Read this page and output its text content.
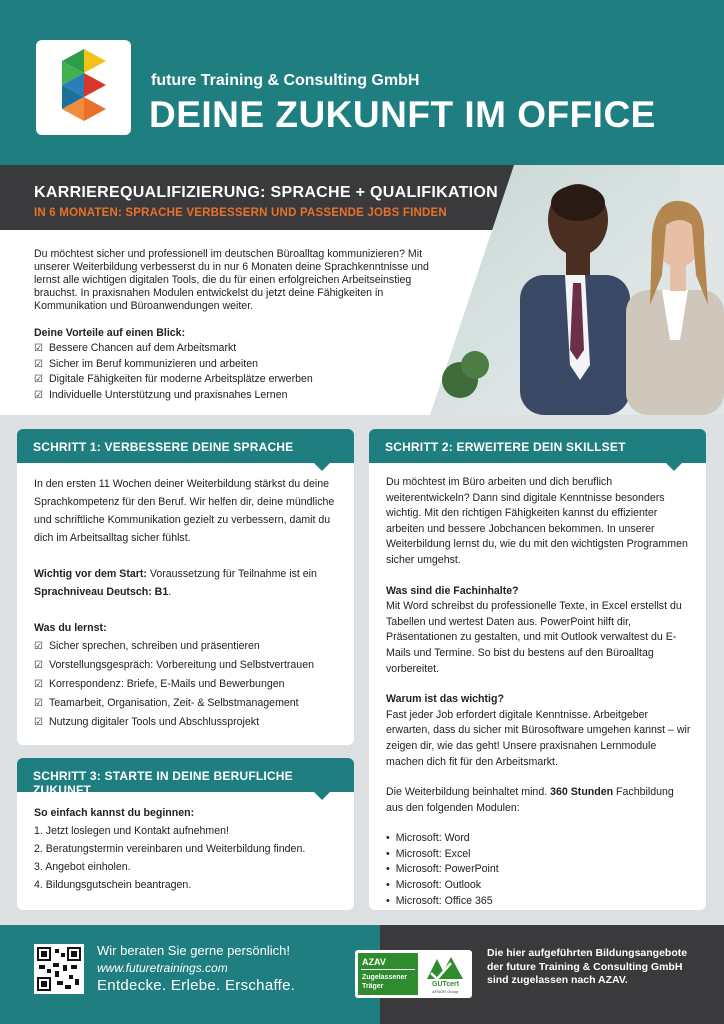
future Training & Consulting GmbH
DEINE ZUKUNFT IM OFFICE
KARRIEREQUALIFIZIERUNG: SPRACHE + QUALIFIKATION
IN 6 MONATEN: SPRACHE VERBESSERN UND PASSENDE JOBS FINDEN
Du möchtest sicher und professionell im deutschen Büroalltag kommunizieren? Mit unserer Weiterbildung verbesserst du in nur 6 Monaten deine Sprachkenntnisse und lernst alle wichtigen digitalen Tools, die du für einen erfolgreichen Arbeitseinstieg brauchst. In praxisnahen Modulen entwickelst du jetzt deine Fähigkeiten in Kommunikation und Büroanwendungen weiter.
Deine Vorteile auf einen Blick:
☑ Bessere Chancen auf dem Arbeitsmarkt
☑ Sicher im Beruf kommunizieren und arbeiten
☑ Digitale Fähigkeiten für moderne Arbeitsplätze erwerben
☑ Individuelle Unterstützung und praxisnahes Lernen
SCHRITT 1: VERBESSERE DEINE SPRACHE

In den ersten 11 Wochen deiner Weiterbildung stärkst du deine Sprachkompetenz für den Beruf. Wir helfen dir, deine mündliche und schriftliche Kommunikation gezielt zu verbessern, damit du dich im Arbeitsalltag sicher fühlst.

Wichtig vor dem Start: Voraussetzung für Teilnahme ist ein Sprachniveau Deutsch: B1.

Was du lernst:
☑ Sicher sprechen, schreiben und präsentieren
☑ Vorstellungsgespräch: Vorbereitung und Selbstvertrauen
☑ Korrespondenz: Briefe, E-Mails und Bewerbungen
☑ Teamarbeit, Organisation, Zeit- & Selbstmanagement
☑ Nutzung digitaler Tools und Abschlussprojekt
SCHRITT 3: STARTE IN DEINE BERUFLICHE ZUKUNFT
So einfach kannst du beginnen:
1. Jetzt loslegen und Kontakt aufnehmen!
2. Beratungstermin vereinbaren und Weiterbildung finden.
3. Angebot einholen.
4. Bildungsgutschein beantragen.
SCHRITT 2: ERWEITERE DEIN SKILLSET

Du möchtest im Büro arbeiten und dich beruflich weiterentwickeln? Dann sind digitale Kenntnisse besonders wichtig. Mit den richtigen Fähigkeiten kannst du effizienter arbeiten und bessere Jobchancen bekommen. In unserer Weiterbildung lernst du, wie du mit den wichtigsten Programmen sicher umgehst.

Was sind die Fachinhalte?

Mit Word schreibst du professionelle Texte, in Excel erstellst du Tabellen und wertest Daten aus. PowerPoint hilft dir, Präsentationen zu gestalten, und mit Outlook verwaltest du E-Mails und Termine. So bist du bestens auf den Büroalltag vorbereitet.

Warum ist das wichtig?

Fast jeder Job erfordert digitale Kenntnisse. Arbeitgeber erwarten, dass du sicher mit Bürosoftware umgehen kannst – wir zeigen dir, wie das geht! Unsere praxisnahen Lernmodule machen dich fit für den Arbeitsmarkt.

Die Weiterbildung beinhaltet mind. 360 Stunden Fachbildung aus den folgenden Modulen:

• Microsoft: Word
• Microsoft: Excel
• Microsoft: PowerPoint
• Microsoft: Outlook
• Microsoft: Office 365
Wir beraten Sie gerne persönlich!
www.futuretrainings.com
Entdecke. Erlebe. Erschaffe.
AZAV
Zugelassener
Träger	GUTcert
AFNOR Group
Die hier aufgeführten Bildungsangebote der future Training & Consulting GmbH sind zugelassen nach AZAV.
